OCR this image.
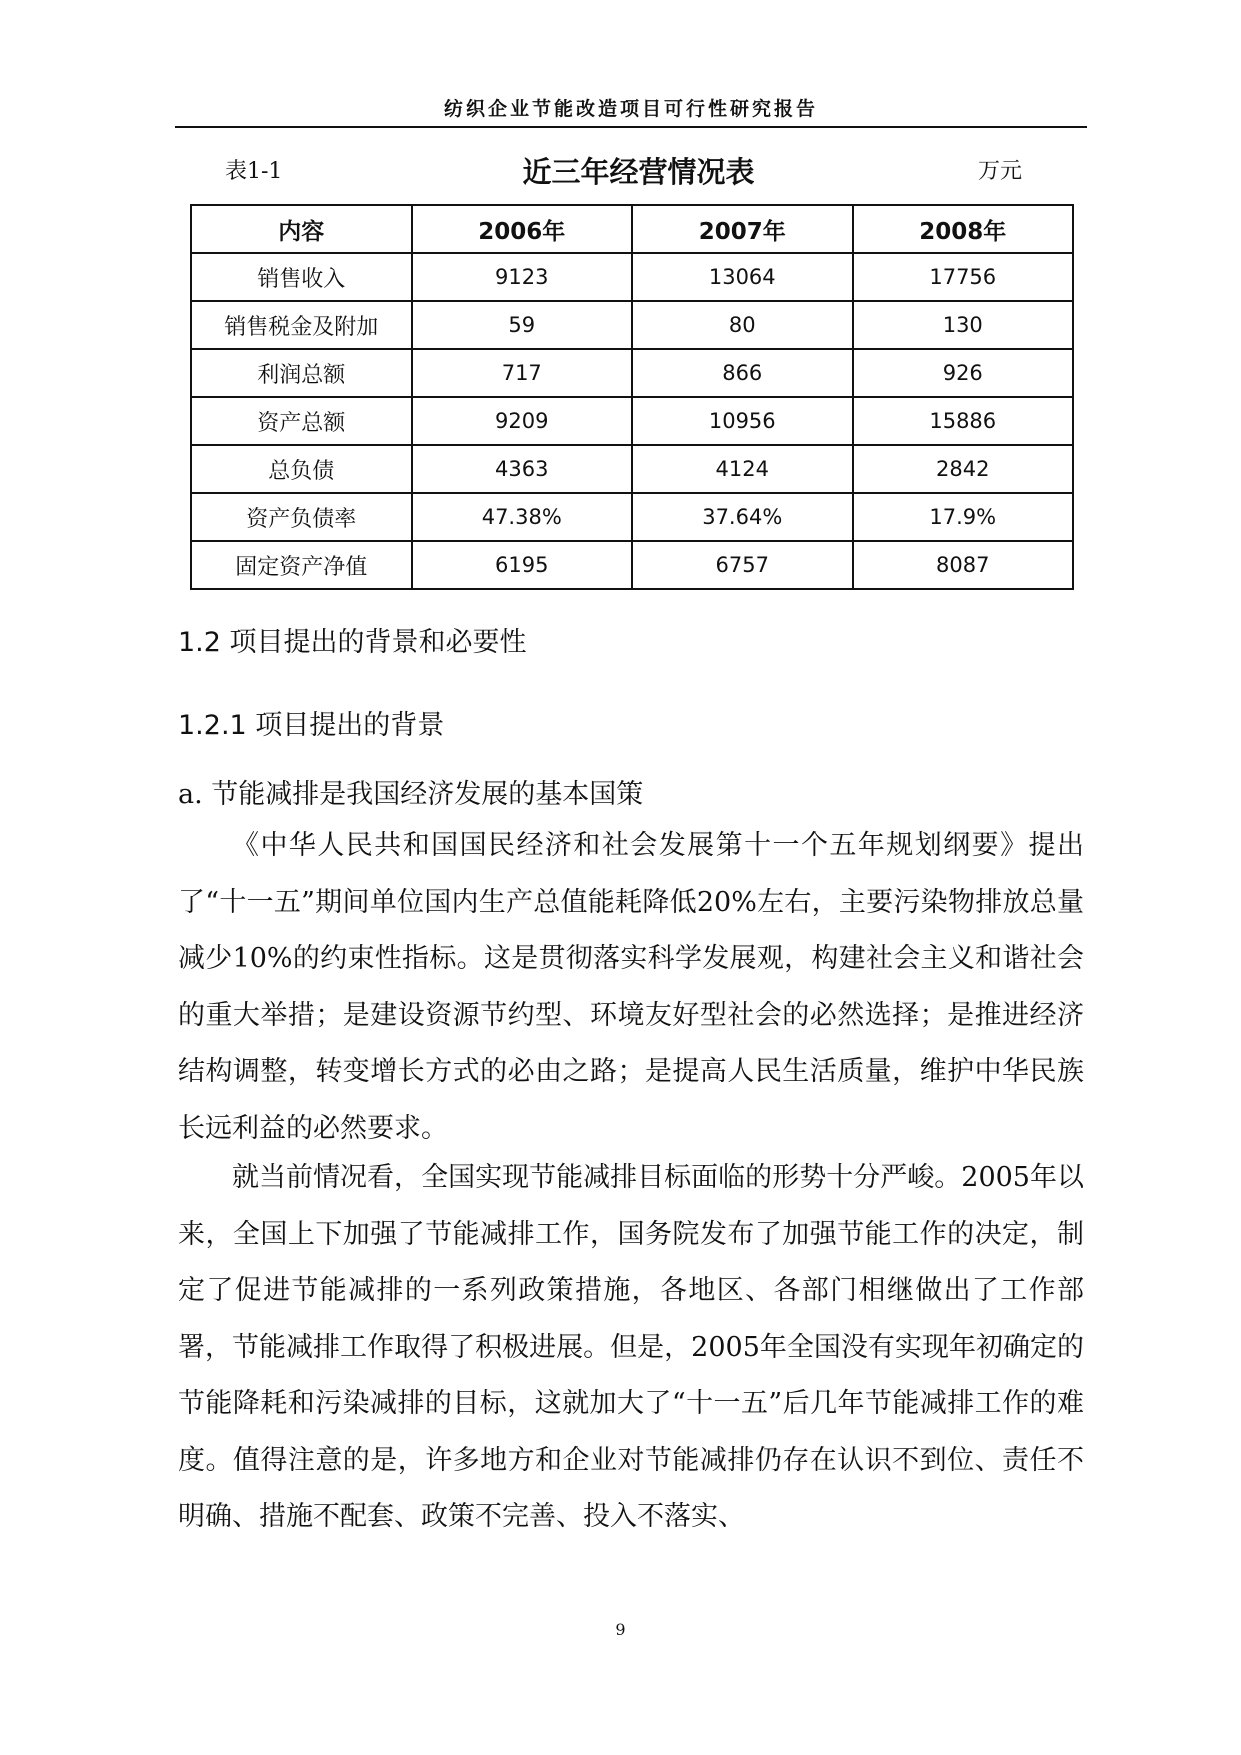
纺织企业节能改造项目可行性研究报告
表1-1	近三年经营情况表	万元
内容	2006年	2007年	2008年
销售收入	9123	13064	17756
销售税金及附加	59	80	130
利润总额	717	866	926
资产总额	9209	10956	15886
总负债	4363	4124	2842
资产负债率	47.38%	37.64%	17.9%
固定资产净值	6195	6757	8087
1.2 项目提出的背景和必要性
1.2.1 项目提出的背景
a. 节能减排是我国经济发展的基本国策

《中华人民共和国国民经济和社会发展第十一个五年规划纲要》提出了“十一五”期间单位国内生产总值能耗降低20%左右，主要污染物排放总量减少10%的约束性指标。这是贯彻落实科学发展观，构建社会主义和谐社会的重大举措；是建设资源节约型、环境友好型社会的必然选择；是推进经济结构调整，转变增长方式的必由之路；是提高人民生活质量，维护中华民族长远利益的必然要求。

就当前情况看，全国实现节能减排目标面临的形势十分严峻。2005年以来，全国上下加强了节能减排工作，国务院发布了加强节能工作的决定，制定了促进节能减排的一系列政策措施，各地区、各部门相继做出了工作部署，节能减排工作取得了积极进展。但是，2005年全国没有实现年初确定的节能降耗和污染减排的目标，这就加大了“十一五”后几年节能减排工作的难度。值得注意的是，许多地方和企业对节能减排仍存在认识不到位、责任不明确、措施不配套、政策不完善、投入不落实、

9
